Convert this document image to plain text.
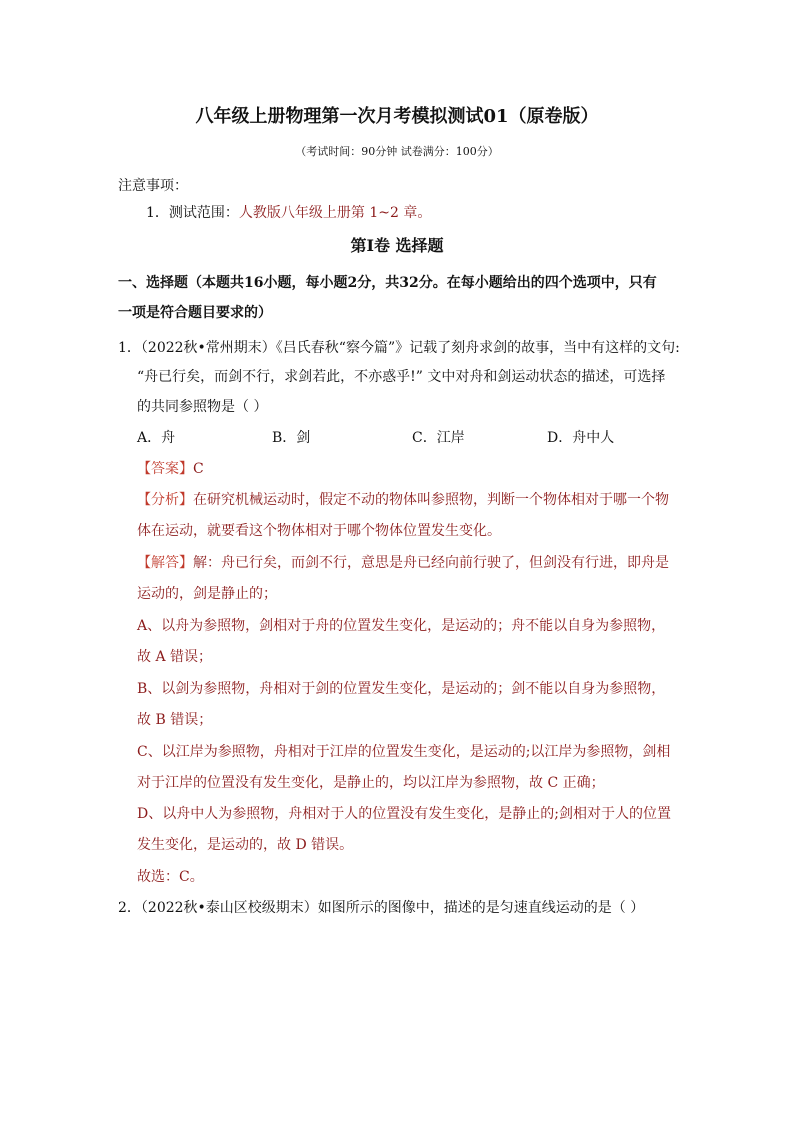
八年级上册物理第一次月考模拟测试01（原卷版）
（考试时间：90分钟 试卷满分：100分）
注意事项：
1．测试范围：人教版八年级上册第 1~2 章。
第Ⅰ卷 选择题
一、选择题（本题共16小题，每小题2分，共32分。在每小题给出的四个选项中，只有
一项是符合题目要求的）
1．（2022秋•常州期末）《吕氏春秋“察今篇”》记载了刻舟求剑的故事，当中有这样的文句:
“舟已行矣，而剑不行，求剑若此，不亦惑乎!” 文中对舟和剑运动状态的描述，可选择
的共同参照物是（ ）
A．舟	B．剑	C．江岸	D．舟中人
【答案】C
【分析】在研究机械运动时，假定不动的物体叫参照物，判断一个物体相对于哪一个物
体在运动，就要看这个物体相对于哪个物体位置发生变化。
【解答】解：舟已行矣，而剑不行，意思是舟已经向前行驶了，但剑没有行进，即舟是
运动的，剑是静止的；
A、以舟为参照物，剑相对于舟的位置发生变化，是运动的；舟不能以自身为参照物，
故 A 错误；
B、以剑为参照物，舟相对于剑的位置发生变化，是运动的；剑不能以自身为参照物，
故 B 错误；
C、以江岸为参照物，舟相对于江岸的位置发生变化，是运动的;以江岸为参照物，剑相
对于江岸的位置没有发生变化，是静止的，均以江岸为参照物，故 C 正确；
D、以舟中人为参照物，舟相对于人的位置没有发生变化，是静止的;剑相对于人的位置
发生变化，是运动的，故 D 错误。
故选：C。
2．（2022秋•泰山区校级期末）如图所示的图像中，描述的是匀速直线运动的是（ ）
